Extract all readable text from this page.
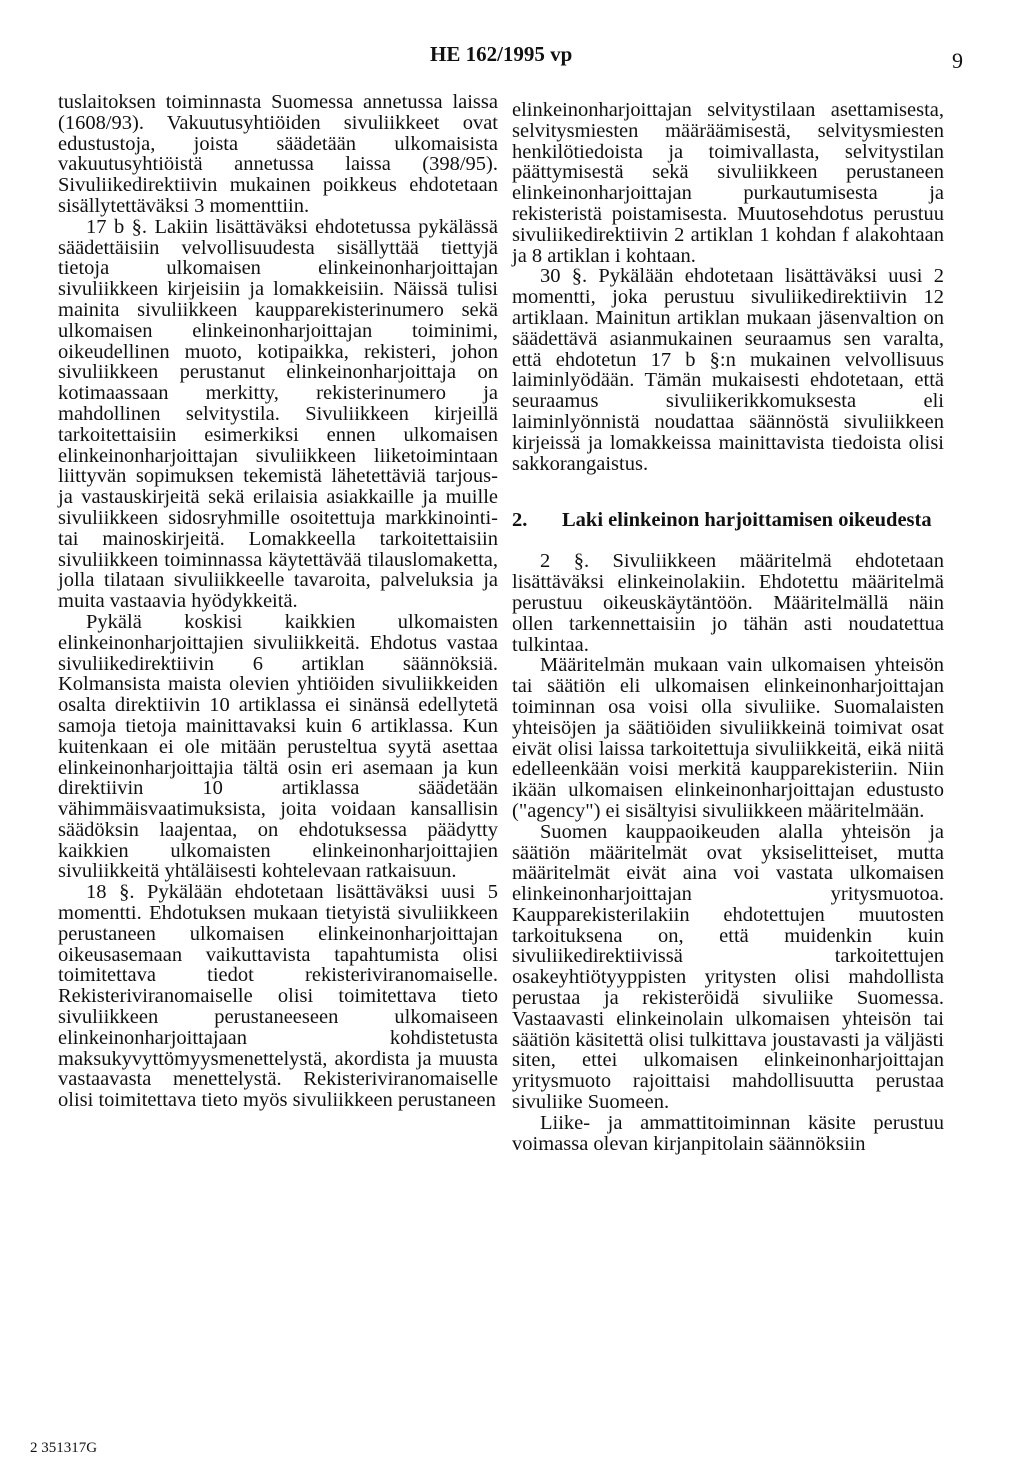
HE 162/1995 vp	9

tuslaitoksen toiminnasta Suomessa annetussa laissa (1608/93). Vakuutusyhtiöiden sivuliikkeet ovat edustustoja, joista säädetään ulkomaisista vakuutusyhtiöistä annetussa laissa (398/95). Sivuliikedirektiivin mukainen poikkeus ehdotetaan sisällytettäväksi 3 momenttiin.

17 b §. Lakiin lisättäväksi ehdotetussa pykälässä säädettäisiin velvollisuudesta sisällyttää tiettyjä tietoja ulkomaisen elinkeinonharjoittajan sivuliikkeen kirjeisiin ja lomakkeisiin. Näissä tulisi mainita sivuliikkeen kaupparekisterinumero sekä ulkomaisen elinkeinonharjoittajan toiminimi, oikeudellinen muoto, kotipaikka, rekisteri, johon sivuliikkeen perustanut elinkeinonharjoittaja on kotimaassaan merkitty, rekisterinumero ja mahdollinen selvitystila. Sivuliikkeen kirjeillä tarkoitettaisiin esimerkiksi ennen ulkomaisen elinkeinonharjoittajan sivuliikkeen liiketoimintaan liittyvän sopimuksen tekemistä lähetettäviä tarjous- ja vastauskirjeitä sekä erilaisia asiakkaille ja muille sivuliikkeen sidosryhmille osoitettuja markkinointi- tai mainoskirjeitä. Lomakkeella tarkoitettaisiin sivuliikkeen toiminnassa käytettävää tilauslomaketta, jolla tilataan sivuliikkeelle tavaroita, palveluksia ja muita vastaavia hyödykkeitä.

Pykälä koskisi kaikkien ulkomaisten elinkeinonharjoittajien sivuliikkeitä. Ehdotus vastaa sivuliikedirektiivin 6 artiklan säännöksiä. Kolmansista maista olevien yhtiöiden sivuliikkeiden osalta direktiivin 10 artiklassa ei sinänsä edellytetä samoja tietoja mainittavaksi kuin 6 artiklassa. Kun kuitenkaan ei ole mitään perusteltua syytä asettaa elinkeinonharjoittajia tältä osin eri asemaan ja kun direktiivin 10 artiklassa säädetään vähimmäisvaatimuksista, joita voidaan kansallisin säädöksin laajentaa, on ehdotuksessa päädytty kaikkien ulkomaisten elinkeinonharjoittajien sivuliikkeitä yhtäläisesti kohtelevaan ratkaisuun.

18 §. Pykälään ehdotetaan lisättäväksi uusi 5 momentti. Ehdotuksen mukaan tietyistä sivuliikkeen perustaneen ulkomaisen elinkeinonharjoittajan oikeusasemaan vaikuttavista tapahtumista olisi toimitettava tiedot rekisteriviranomaiselle. Rekisteriviranomaiselle olisi toimitettava tieto sivuliikkeen perustaneeseen ulkomaiseen elinkeinonharjoittajaan kohdistetusta maksukyvyttömyysmenettelystä, akordista ja muusta vastaavasta menettelystä. Rekisteriviranomaiselle olisi toimitettava tieto myös sivuliikkeen perustaneen

elinkeinonharjoittajan selvitystilaan asettamisesta, selvitysmiesten määräämisestä, selvitysmiesten henkilötiedoista ja toimivallasta, selvitystilan päättymisestä sekä sivuliikkeen perustaneen elinkeinonharjoittajan purkautumisesta ja rekisteristä poistamisesta. Muutosehdotus perustuu sivuliikedirektiivin 2 artiklan 1 kohdan f alakohtaan ja 8 artiklan i kohtaan.

30 §. Pykälään ehdotetaan lisättäväksi uusi 2 momentti, joka perustuu sivuliikedirektiivin 12 artiklaan. Mainitun artiklan mukaan jäsenvaltion on säädettävä asianmukainen seuraamus sen varalta, että ehdotetun 17 b §:n mukainen velvollisuus laiminlyödään. Tämän mukaisesti ehdotetaan, että seuraamus sivuliikerikkomuksesta eli laiminlyönnistä noudattaa säännöstä sivuliikkeen kirjeissä ja lomakkeissa mainittavista tiedoista olisi sakkorangaistus.

2.	Laki elinkeinon harjoittamisen oikeudesta

2 §. Sivuliikkeen määritelmä ehdotetaan lisättäväksi elinkeinolakiin. Ehdotettu määritelmä perustuu oikeuskäytäntöön. Määritelmällä näin ollen tarkennettaisiin jo tähän asti noudatettua tulkintaa.

Määritelmän mukaan vain ulkomaisen yhteisön tai säätiön eli ulkomaisen elinkeinonharjoittajan toiminnan osa voisi olla sivuliike. Suomalaisten yhteisöjen ja säätiöiden sivuliikkeinä toimivat osat eivät olisi laissa tarkoitettuja sivuliikkeitä, eikä niitä edelleenkään voisi merkitä kaupparekisteriin. Niin ikään ulkomaisen elinkeinonharjoittajan edustusto ("agency") ei sisältyisi sivuliikkeen määritelmään.

Suomen kauppaoikeuden alalla yhteisön ja säätiön määritelmät ovat yksiselitteiset, mutta määritelmät eivät aina voi vastata ulkomaisen elinkeinonharjoittajan yritysmuotoa. Kaupparekisterilakiin ehdotettujen muutosten tarkoituksena on, että muidenkin kuin sivuliikedirektiivissä tarkoitettujen osakeyhtiötyyppisten yritysten olisi mahdollista perustaa ja rekisteröidä sivuliike Suomessa. Vastaavasti elinkeinolain ulkomaisen yhteisön tai säätiön käsitettä olisi tulkittava joustavasti ja väljästi siten, ettei ulkomaisen elinkeinonharjoittajan yritysmuoto rajoittaisi mahdollisuutta perustaa sivuliike Suomeen.

Liike- ja ammattitoiminnan käsite perustuu voimassa olevan kirjanpitolain säännöksiin

2 351317G
